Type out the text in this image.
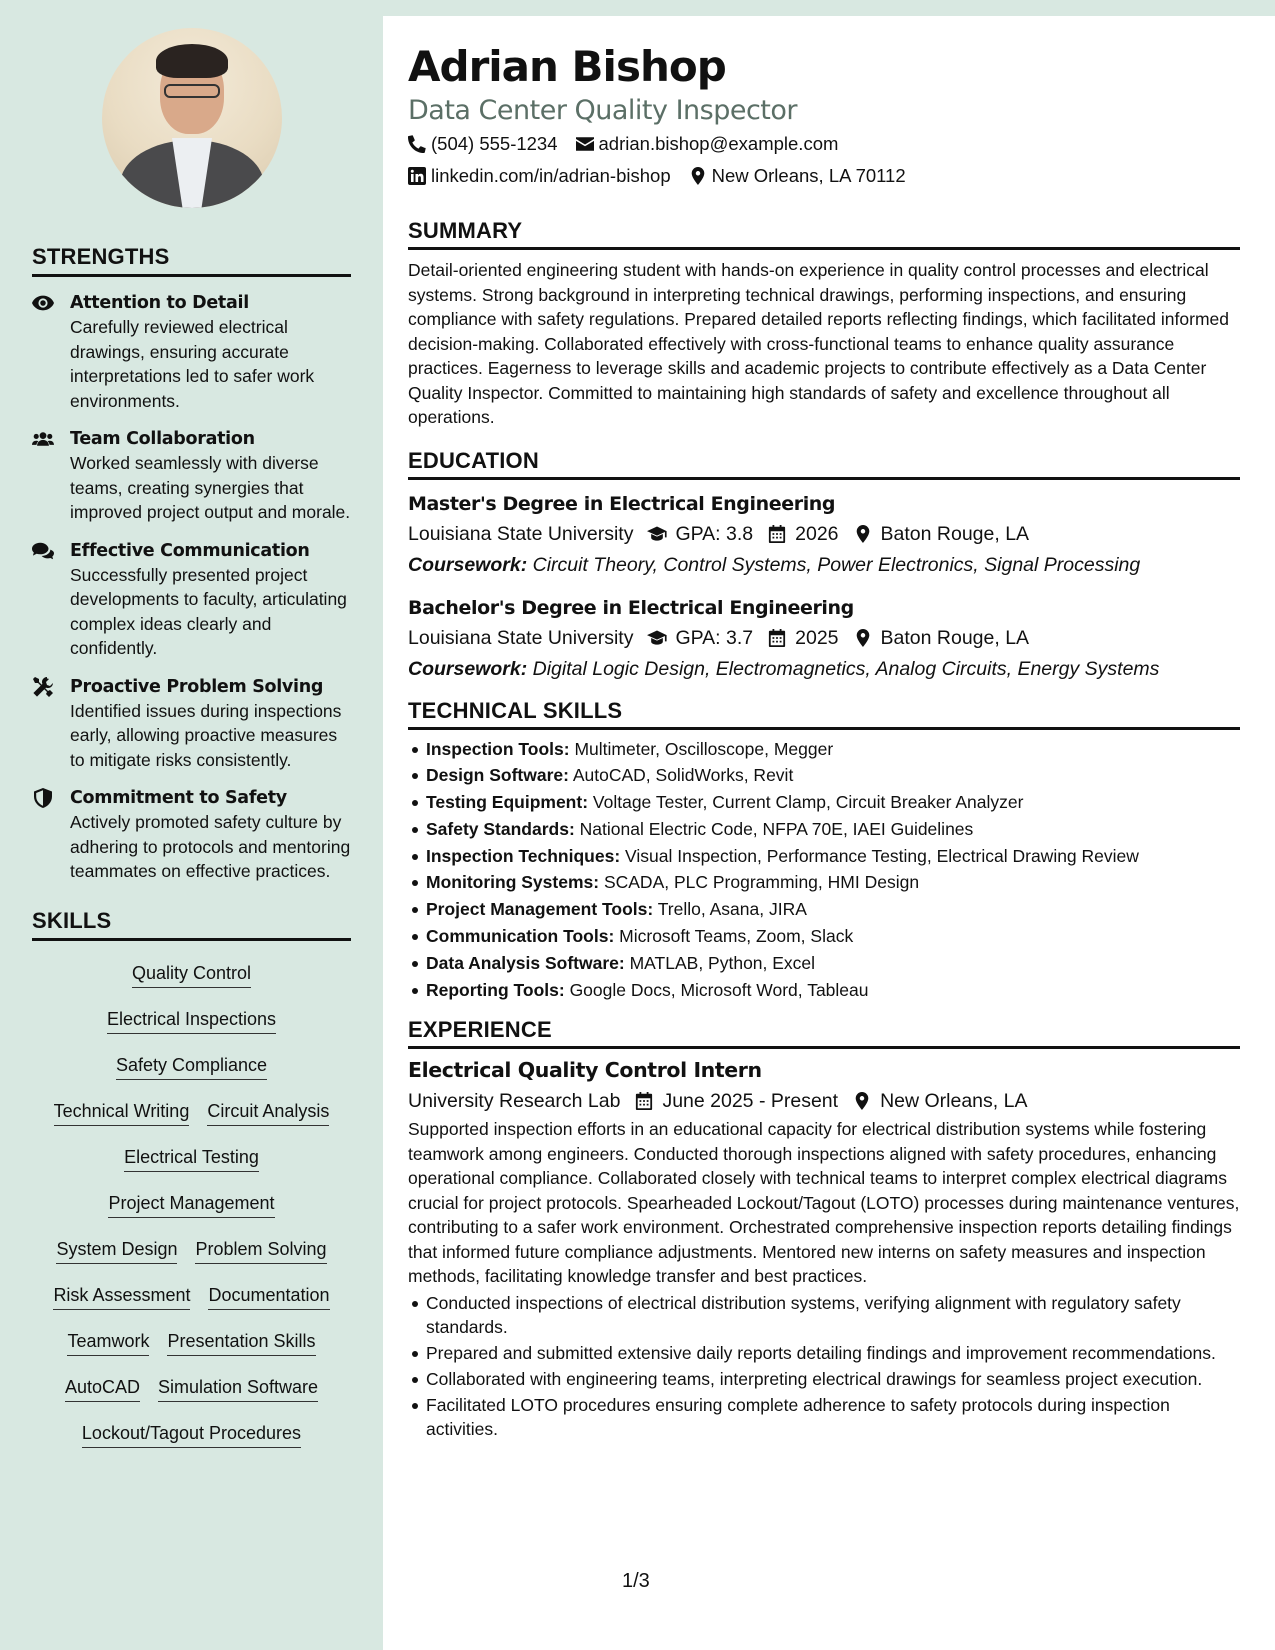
STRENGTHS
Attention to Detail

Carefully reviewed electrical drawings, ensuring accurate interpretations led to safer work environments.

Team Collaboration

Worked seamlessly with diverse teams, creating synergies that improved project output and morale.

Effective Communication

Successfully presented project developments to faculty, articulating complex ideas clearly and confidently.

Proactive Problem Solving

Identified issues during inspections early, allowing proactive measures to mitigate risks consistently.

Commitment to Safety

Actively promoted safety culture by adhering to protocols and mentoring teammates on effective practices.

SKILLS
Quality Control
Electrical Inspections
Safety Compliance
Technical Writing Circuit Analysis
Electrical Testing
Project Management
System Design Problem Solving
Risk Assessment Documentation
Teamwork Presentation Skills
AutoCAD Simulation Software
Lockout/Tagout Procedures
Adrian Bishop
Data Center Quality Inspector
(504) 555-1234 adrian.bishop@example.com
linkedin.com/in/adrian-bishop New Orleans, LA 70112
SUMMARY

Detail-oriented engineering student with hands-on experience in quality control processes and electrical systems. Strong background in interpreting technical drawings, performing inspections, and ensuring compliance with safety regulations. Prepared detailed reports reflecting findings, which facilitated informed decision-making. Collaborated effectively with cross-functional teams to enhance quality assurance practices. Eagerness to leverage skills and academic projects to contribute effectively as a Data Center Quality Inspector. Committed to maintaining high standards of safety and excellence throughout all operations.

EDUCATION
Master's Degree in Electrical Engineering
Louisiana State University GPA: 3.8 2026 Baton Rouge, LA
Coursework: Circuit Theory, Control Systems, Power Electronics, Signal Processing
Bachelor's Degree in Electrical Engineering
Louisiana State University GPA: 3.7 2025 Baton Rouge, LA
Coursework: Digital Logic Design, Electromagnetics, Analog Circuits, Energy Systems
TECHNICAL SKILLS
Inspection Tools: Multimeter, Oscilloscope, Megger
Design Software: AutoCAD, SolidWorks, Revit
Testing Equipment: Voltage Tester, Current Clamp, Circuit Breaker Analyzer
Safety Standards: National Electric Code, NFPA 70E, IAEI Guidelines
Inspection Techniques: Visual Inspection, Performance Testing, Electrical Drawing Review
Monitoring Systems: SCADA, PLC Programming, HMI Design
Project Management Tools: Trello, Asana, JIRA
Communication Tools: Microsoft Teams, Zoom, Slack
Data Analysis Software: MATLAB, Python, Excel
Reporting Tools: Google Docs, Microsoft Word, Tableau
EXPERIENCE
Electrical Quality Control Intern
University Research Lab June 2025 - Present New Orleans, LA

Supported inspection efforts in an educational capacity for electrical distribution systems while fostering teamwork among engineers. Conducted thorough inspections aligned with safety procedures, enhancing operational compliance. Collaborated closely with technical teams to interpret complex electrical diagrams crucial for project protocols. Spearheaded Lockout/Tagout (LOTO) processes during maintenance ventures, contributing to a safer work environment. Orchestrated comprehensive inspection reports detailing findings that informed future compliance adjustments. Mentored new interns on safety measures and inspection methods, facilitating knowledge transfer and best practices.

Conducted inspections of electrical distribution systems, verifying alignment with regulatory safety standards.
Prepared and submitted extensive daily reports detailing findings and improvement recommendations.
Collaborated with engineering teams, interpreting electrical drawings for seamless project execution.
Facilitated LOTO procedures ensuring complete adherence to safety protocols during inspection activities.
1/3
